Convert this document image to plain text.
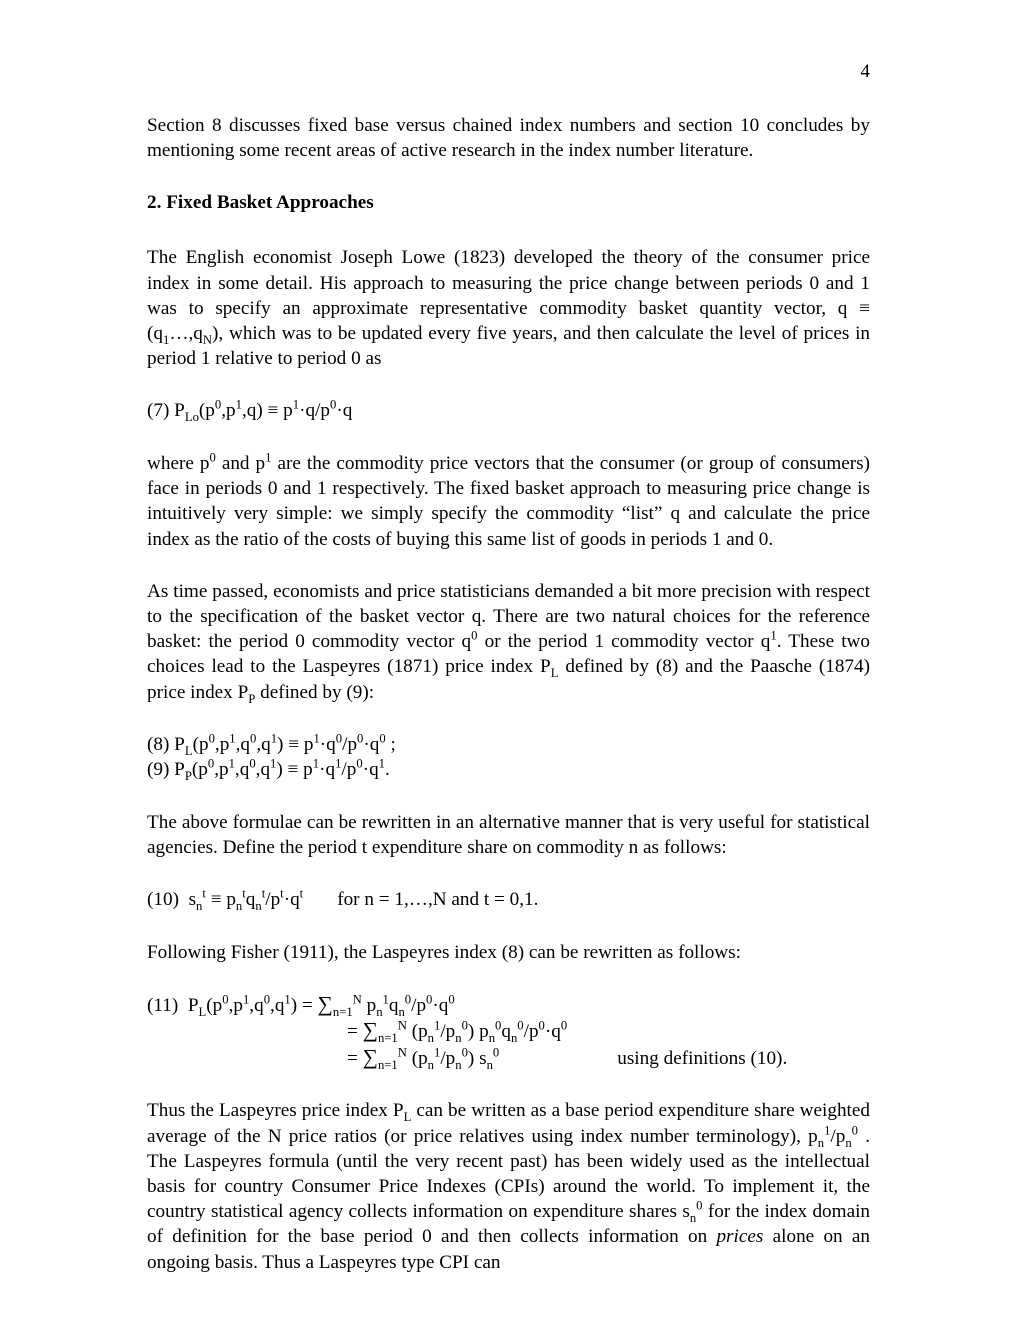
4

Section 8 discusses fixed base versus chained index numbers and section 10 concludes by mentioning some recent areas of active research in the index number literature.

2. Fixed Basket Approaches

The English economist Joseph Lowe (1823) developed the theory of the consumer price index in some detail. His approach to measuring the price change between periods 0 and 1 was to specify an approximate representative commodity basket quantity vector, $q \equiv (q_1\dots,q_N)$, which was to be updated every five years, and then calculate the level of prices in period 1 relative to period 0 as

(7) $P_{Lo}(p^0,p^1,q) \equiv p^1\cdot q/p^0\cdot q$

where $p^0$ and $p^1$ are the commodity price vectors that the consumer (or group of consumers) face in periods 0 and 1 respectively. The fixed basket approach to measuring price change is intuitively very simple: we simply specify the commodity “list” q and calculate the price index as the ratio of the costs of buying this same list of goods in periods 1 and 0.

As time passed, economists and price statisticians demanded a bit more precision with respect to the specification of the basket vector q. There are two natural choices for the reference basket: the period 0 commodity vector $q^0$ or the period 1 commodity vector $q^1$. These two choices lead to the Laspeyres (1871) price index $P_L$ defined by (8) and the Paasche (1874) price index $P_P$ defined by (9):

(8) $P_L(p^0,p^1,q^0,q^1) \equiv p^1\cdot q^0/p^0\cdot q^0$ ;
(9) $P_P(p^0,p^1,q^0,q^1) \equiv p^1\cdot q^1/p^0\cdot q^1$.

The above formulae can be rewritten in an alternative manner that is very useful for statistical agencies. Define the period t expenditure share on commodity n as follows:

(10) $s_n^t \equiv p_n^tq_n^t/p^t\cdot q^t$ for n = 1,…,N and t = 0,1.

Following Fisher (1911), the Laspeyres index (8) can be rewritten as follows:

(11) $P_L(p^0,p^1,q^0,q^1) = \sum_{n=1}^N$ $p_n^1q_n^0/p^0\cdot q^0$
= $\sum_{n=1}^N$ $(p_n^1/p_n^0)$ $p_n^0q_n^0/p^0\cdot q^0$
= $\sum_{n=1}^N$ $(p_n^1/p_n^0)$ $s_n^0$	using definitions (10).

Thus the Laspeyres price index $P_L$ can be written as a base period expenditure share weighted average of the N price ratios (or price relatives using index number terminology), $p_n^1/p_n^0$ . The Laspeyres formula (until the very recent past) has been widely used as the intellectual basis for country Consumer Price Indexes (CPIs) around the world. To implement it, the country statistical agency collects information on expenditure shares $s_n^0$ for the index domain of definition for the base period 0 and then collects information on prices alone on an ongoing basis. Thus a Laspeyres type CPI can
